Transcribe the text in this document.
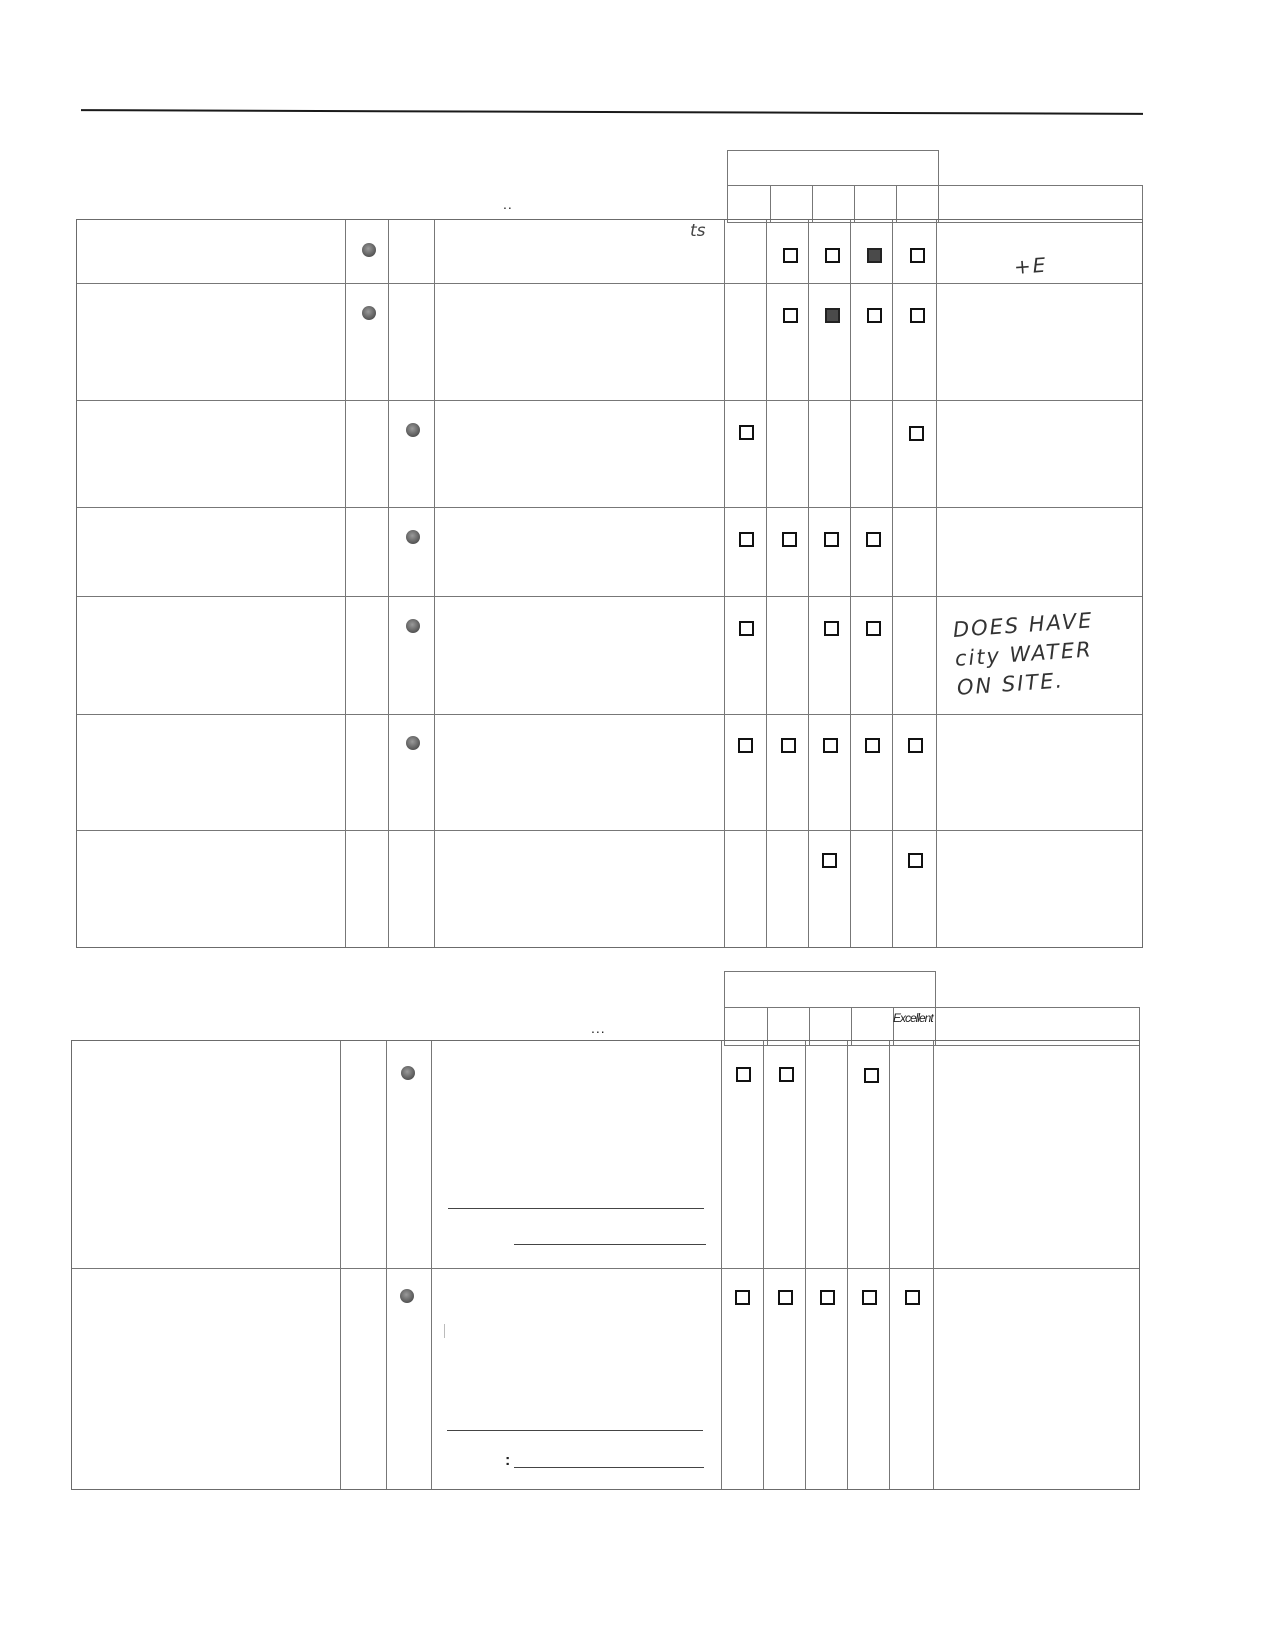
..
ts
+E
DOES HAVE
city WATER
ON SITE.
Excellent
...
:
